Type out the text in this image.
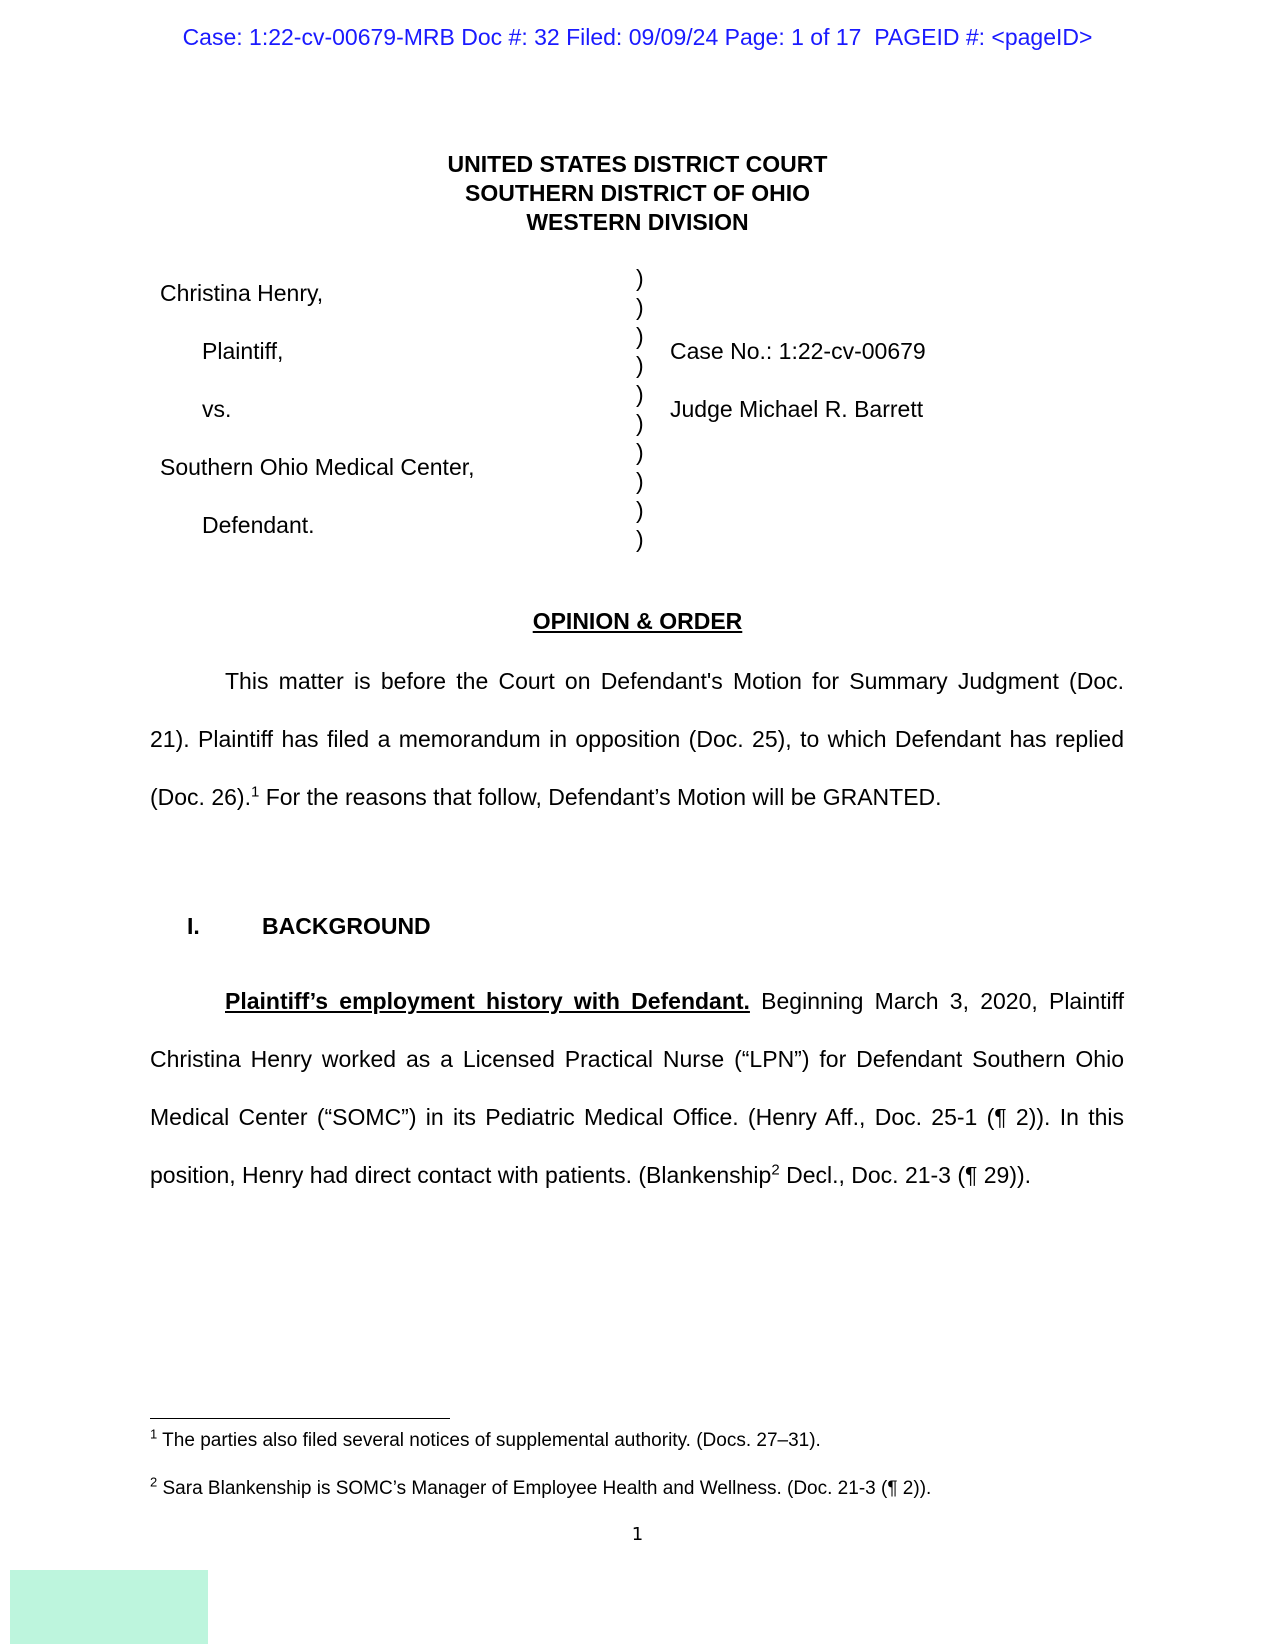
Case: 1:22-cv-00679-MRB Doc #: 32 Filed: 09/09/24 Page: 1 of 17  PAGEID #: <pageID>
UNITED STATES DISTRICT COURT
SOUTHERN DISTRICT OF OHIO
WESTERN DIVISION
Christina Henry,
Plaintiff,
vs.
Southern Ohio Medical Center,
Defendant.
)
)
)
)
)
)
)
)
)
)
Case No.: 1:22-cv-00679
Judge Michael R. Barrett
OPINION & ORDER
This matter is before the Court on Defendant's Motion for Summary Judgment (Doc. 21). Plaintiff has filed a memorandum in opposition (Doc. 25), to which Defendant has replied (Doc. 26).$^1$ For the reasons that follow, Defendant’s Motion will be GRANTED.
I.	BACKGROUND
Plaintiff’s employment history with Defendant. Beginning March 3, 2020, Plaintiff Christina Henry worked as a Licensed Practical Nurse (“LPN”) for Defendant Southern Ohio Medical Center (“SOMC”) in its Pediatric Medical Office. (Henry Aff., Doc. 25-1 (¶ 2)). In this position, Henry had direct contact with patients. (Blankenship$^2$ Decl., Doc. 21-3 (¶ 29)).
$^1$ The parties also filed several notices of supplemental authority. (Docs. 27–31).
$^2$ Sara Blankenship is SOMC’s Manager of Employee Health and Wellness. (Doc. 21-3 (¶ 2)).
1
